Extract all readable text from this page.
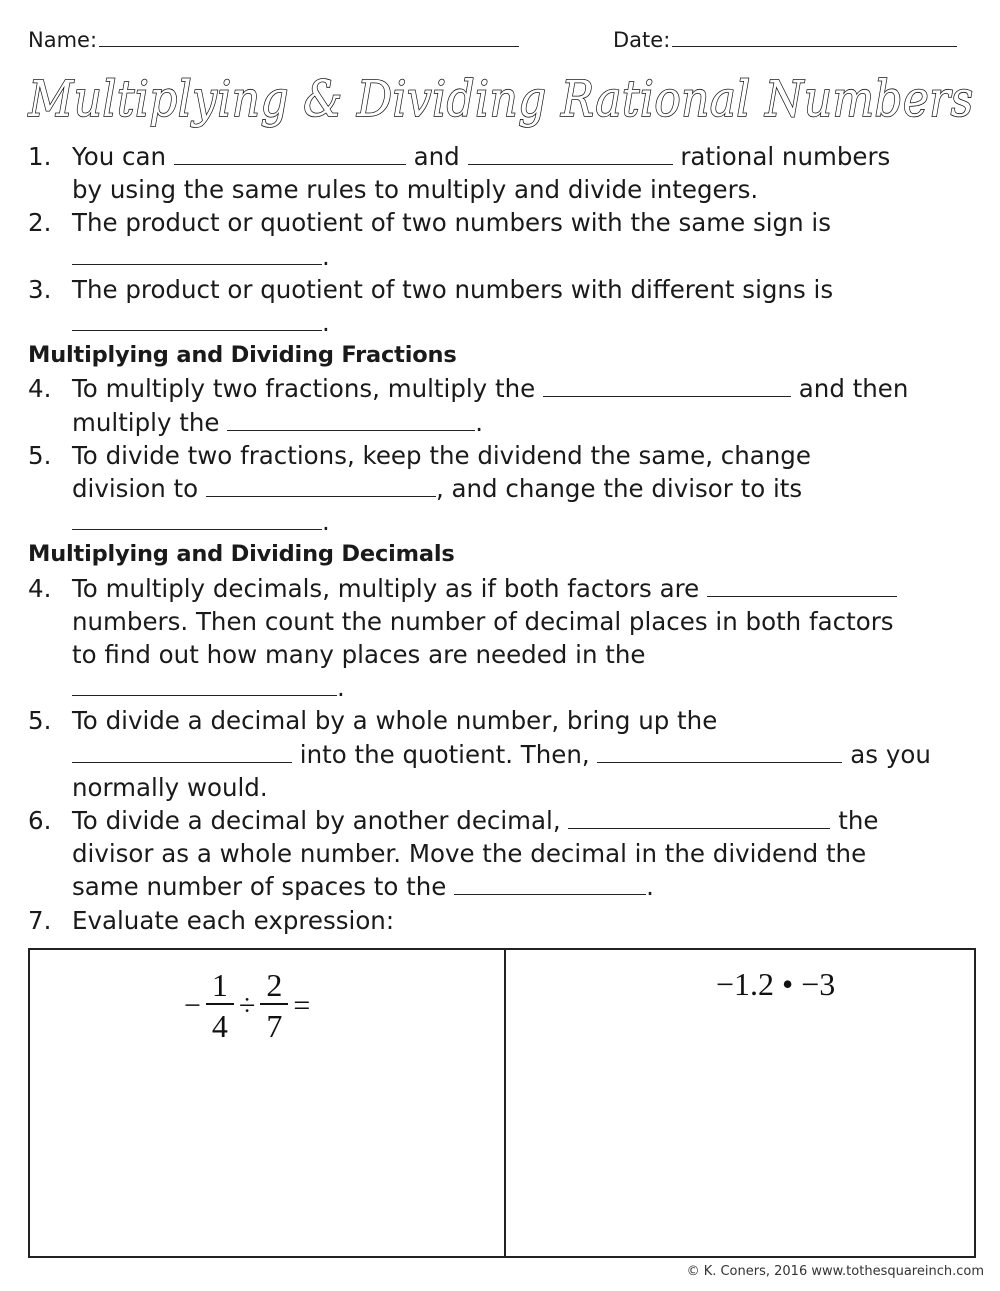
Name:	Date:
Multiplying & Dividing Rational Numbers
1. You can	and	rational numbers
by using the same rules to multiply and divide integers.
2. The product or quotient of two numbers with the same sign is
.
3. The product or quotient of two numbers with different signs is
.
Multiplying and Dividing Fractions
4. To multiply two fractions, multiply the	and then
multiply the	.
5. To divide two fractions, keep the dividend the same, change
division to	, and change the divisor to its
.
Multiplying and Dividing Decimals
4. To multiply decimals, multiply as if both factors are
numbers. Then count the number of decimal places in both factors
to find out how many places are needed in the
.
5. To divide a decimal by a whole number, bring up the
into the quotient. Then,	as you
normally would.
6. To divide a decimal by another decimal,	the
divisor as a whole number. Move the decimal in the dividend the
same number of spaces to the	.
7. Evaluate each expression:
− $\frac{1}{4} \div \frac{2}{7}$ =
−1.2 • −3
© K. Coners, 2016 www.tothesquareinch.com
